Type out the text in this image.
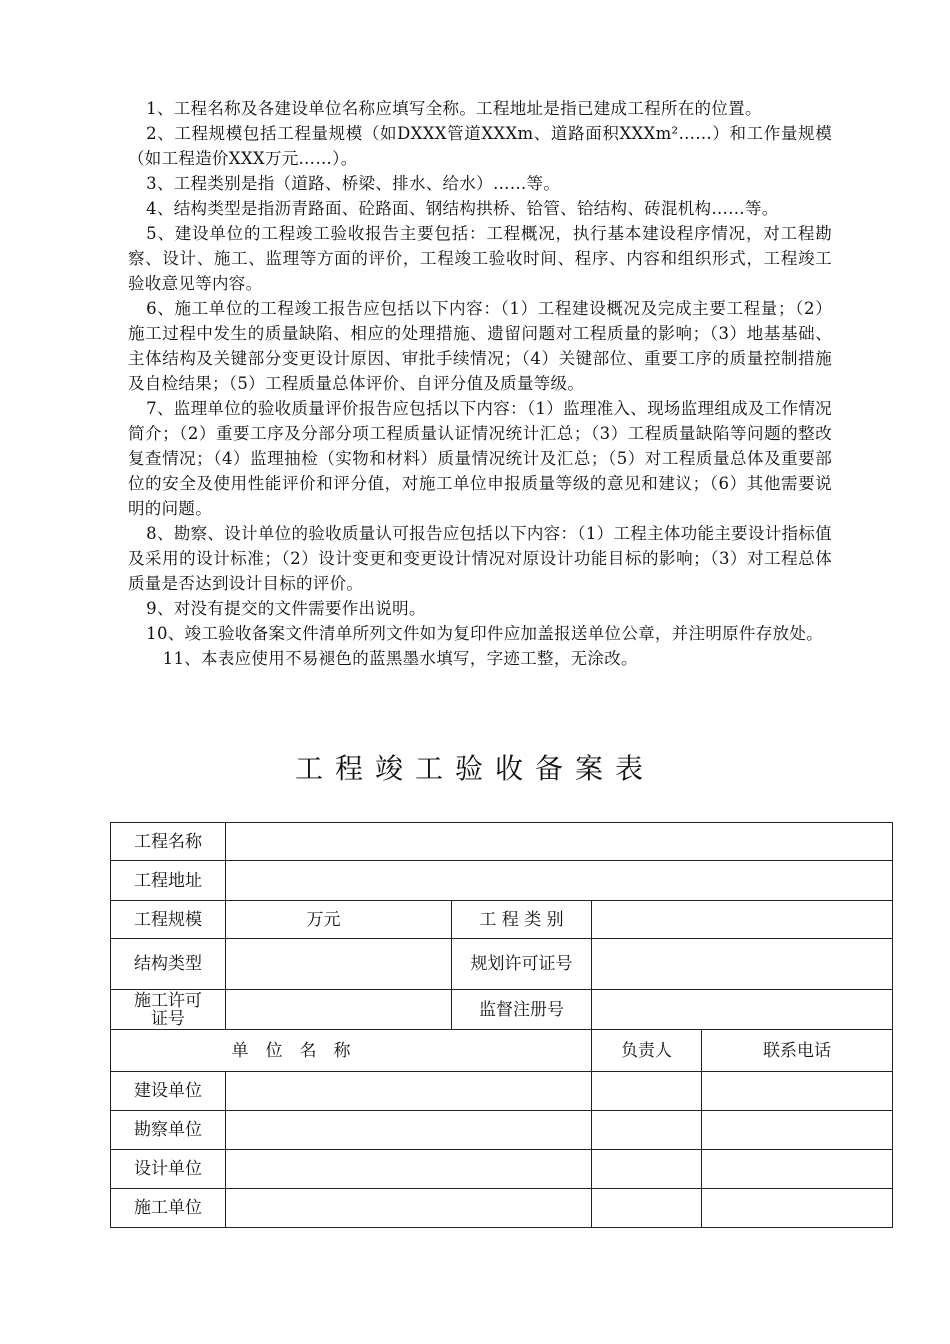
1、工程名称及各建设单位名称应填写全称。工程地址是指已建成工程所在的位置。

2、工程规模包括工程量规模（如DXXX管道XXXm、道路面积XXXm²……）和工作量规模（如工程造价XXX万元……）。

3、工程类别是指（道路、桥梁、排水、给水）……等。

4、结构类型是指沥青路面、砼路面、钢结构拱桥、铪管、铪结构、砖混机构……等。

5、建设单位的工程竣工验收报告主要包括：工程概况，执行基本建设程序情况，对工程勘察、设计、施工、监理等方面的评价，工程竣工验收时间、程序、内容和组织形式，工程竣工验收意见等内容。

6、施工单位的工程竣工报告应包括以下内容：（1）工程建设概况及完成主要工程量；（2）施工过程中发生的质量缺陷、相应的处理措施、遗留问题对工程质量的影响；（3）地基基础、主体结构及关键部分变更设计原因、审批手续情况；（4）关键部位、重要工序的质量控制措施及自检结果；（5）工程质量总体评价、自评分值及质量等级。

7、监理单位的验收质量评价报告应包括以下内容：（1）监理准入、现场监理组成及工作情况简介；（2）重要工序及分部分项工程质量认证情况统计汇总；（3）工程质量缺陷等问题的整改复查情况；（4）监理抽检（实物和材料）质量情况统计及汇总；（5）对工程质量总体及重要部位的安全及使用性能评价和评分值，对施工单位申报质量等级的意见和建议；（6）其他需要说明的问题。

8、勘察、设计单位的验收质量认可报告应包括以下内容：（1）工程主体功能主要设计指标值及采用的设计标准；（2）设计变更和变更设计情况对原设计功能目标的影响；（3）对工程总体质量是否达到设计目标的评价。

9、对没有提交的文件需要作出说明。

10、竣工验收备案文件清单所列文件如为复印件应加盖报送单位公章，并注明原件存放处。

11、本表应使用不易褪色的蓝黑墨水填写，字迹工整，无涂改。

工程竣工验收备案表
工程名称				
工程地址				
工程规模	万元	工 程 类 别		
结构类型		规划许可证号		
施工许可
证号		监督注册号		
单　位　名　称			负责人	联系电话
建设单位				
勘察单位				
设计单位				
施工单位				
